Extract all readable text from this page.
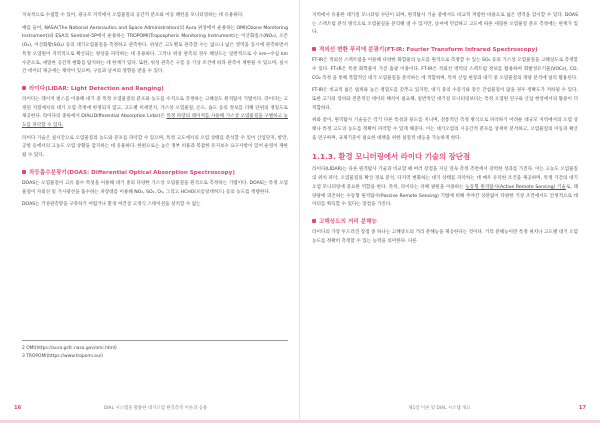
지속적으로 수집할 수 있어, 광규모 지역에서 오염물질의 공간적 분포와 이동 패턴을 모니터링하는 데 유용하다.

예를 들어, NASA(The National Aeronautics and Space Administration)의 Aura 위성에서 운용하는 OMI(Ozone Monitoring Instrument)와 ESA의 Sentinel-5P에서 운용하는 TROPOMI(Tropospheric Monitoring Instrument)는 이산화질소(NO₂), 오존(O₃), 이산화황(SO₂) 등의 대기오염물질을 측정하고 관측한다. 위성은 고도별로 관측할 수는 없으나 넓은 영역을 동시에 관측하면서 특정 오염원이 지역적으로 확산되는 양상을 파악하는 데 유용하다. 그러나 위성 관측의 경우 해상도는 일반적으로 수 km~수십 km 수준으로, 세밀한 공간적 변화를 탐지하는 데 한계가 있다. 또한, 위성 관측은 구름 등 기상 조건에 따라 관측이 제한될 수 있으며, 실시간 데이터 제공에는 제약이 있으며, 구름과 날씨의 영향을 받을 수 있다.

라이다(LIDAR: Light Detection and Ranging)

라이다는 레이저 펄스를 이용해 대기 중 특정 오염물질의 분포와 농도를 수직으로 측정하는 고해상도 원격탐사 기법이다. 라이다는 고정된 지점에서의 대기 오염 측정에 한정되지 않고, 고도별 미세먼지, 가스상 오염물질, 온도, 습도 등의 정보를 더해 단위의 정밀도로 제공한다. 라이다의 종류에서 DIAL(Differential Absorption Lidar)은 특정 파장의 레이저를 사용해 가스상 오염물질을 구별하고 농도를 파악할 수 있다.

라이다 기술은 실시간으로 오염물질의 농도와 분포를 파악할 수 있으며, 특정 고도에서의 오염 상태를 분석할 수 있어 산업단지, 항만, 공항 등에서의 고농도 오염 상황을 감지하는 데 유용하다. 한편으로는 높은 정부 비용과 복잡한 유지보수 요구사항이 있어 운영이 제한될 수 있다.

차등흡수분광기(DOAS: Differential Optical Absorption Spectroscopy)

DOAS는 오염물질이 고유 흡수 특성을 이용해 대기 중의 다양한 가스상 오염물질을 원격으로 측정하는 기법이다. DOAS는 특정 오염물질이 자외선 및 가시광선을 흡수하는 파장대를 이용해 NO₂, SO₂, O₃, 그리고 HCHO(포름알데히드) 등의 농도를 정량한다.

DOAS는 거성관측망을 구축하기 어렵거나 환경 여건상 고정식 스테이션을 설치할 수 없는

2 OMI(https://aura.gsfc.nasa.gov/omi.html)
3 TROPOMI(https://www.tropomi.eu/)
16	DIAL 시스템을 활용한 대기오염 원격측정 이론과 응용

지역에서 유용한 대기질 모니터링 수단이 되며, 원격탐사 기술 중에서도 비교적 저렴한 비용으로 넓은 영역을 감시할 수 있다. DOAS는 스펙트럼 분석 방식으로 오염물질을 분리해 낼 수 있지만, 날씨에 민감하고 고도에 따른 세밀한 오염물질 분포 측정에는 한계가 있다.

적외선 변환 푸리에 분광기(FT-IR: Fourier Transform Infrared Spectroscopy)

FT-IR은 적외선 스펙트럼을 이용해 다양한 화합물의 농도를 원격으로 측정할 수 있는 SO₂ 등의 가스상 오염물질을 고해상도로 측정할 수 있다. FT-IR은 특정 화학물이 가진 흡광 이용이다. FT-IR은 적외선 영역의 스펙트럼 정보를 활용하여 휘발성유기물(VOCs), CO, CO₂ 측정 을 통해 복합적인 대기 오염물질을 분석하는 데 적합하며, 특히 산업 현장과 대기 중 오염물질의 정량 분석에 널리 활용된다.

FT-IR은 비교적 넓은 범위와 높은 정밀도를 갖추고 있지만, 대기 중의 수증기와 같은 간섭물질이 많을 경우 정확도가 저하될 수 있다. 또한 고가의 장비와 전문적인 데이터 해석이 필요해, 일반적인 대기질 모니터링보다는 특정 오염원 연구와 산업 현장에서의 활용이 더 적합하다.

위와 같이, 원격탐사 기술들은 각기 다른 특성과 용도를 지니며, 전통적인 측정 방식으로 파악하기 어려운 대규모 지역에서의 오염 상태나 특정 고도의 농도를 정확히 파악할 수 있게 해준다. 이는 대기오염의 시공간적 분포를 상세히 분석하고, 오염물질의 이동과 확산을 연구하며, 규제기준이 필요한 대책을 위한 실질적 대응을 가능하게 한다.

1.1.3. 환경 모니터링에서 라이다 기술의 장단점

라이다(LIDAR)는 다른 원격탐사 기술과 비교할 때 여러 장점을 지닌 연속 측정 측면에서 강력한 성과를 가진다. 이는 고농도 오염물질의 위치 파악, 오염물질의 확산 경로 분석, 다지역 변화하는 대기 상태를 파악하는 데 매우 유리한 조건을 제공하며, 특정 기간의 대기 오염 모니터링에 중요한 역할을 한다. 특히, 라이다는 자체 광원을 이용하는 능동형 원격탐사(Active Remote Sensing) 기술로, 태양광에 의존하는 수동형 원격탐사(Passive Remote Sensing) 기법에 비해 주야간 상관없이 다양한 기상 조건에서도 안정적으로 데이터를 획득할 수 있다는 장점을 가진다.

고해상도의 거리 분해능

라이다의 가장 두드러진 장점 중 하나는 고해상도의 거리 분해능을 제공한다는 것이다. 거리 분해능이란 특정 위치나 고도별 대기 오염 농도를 정확히 측정할 수 있는 능력을 의미한다. 다른

제1장 이론 및 DIAL 시스템 개요	17
